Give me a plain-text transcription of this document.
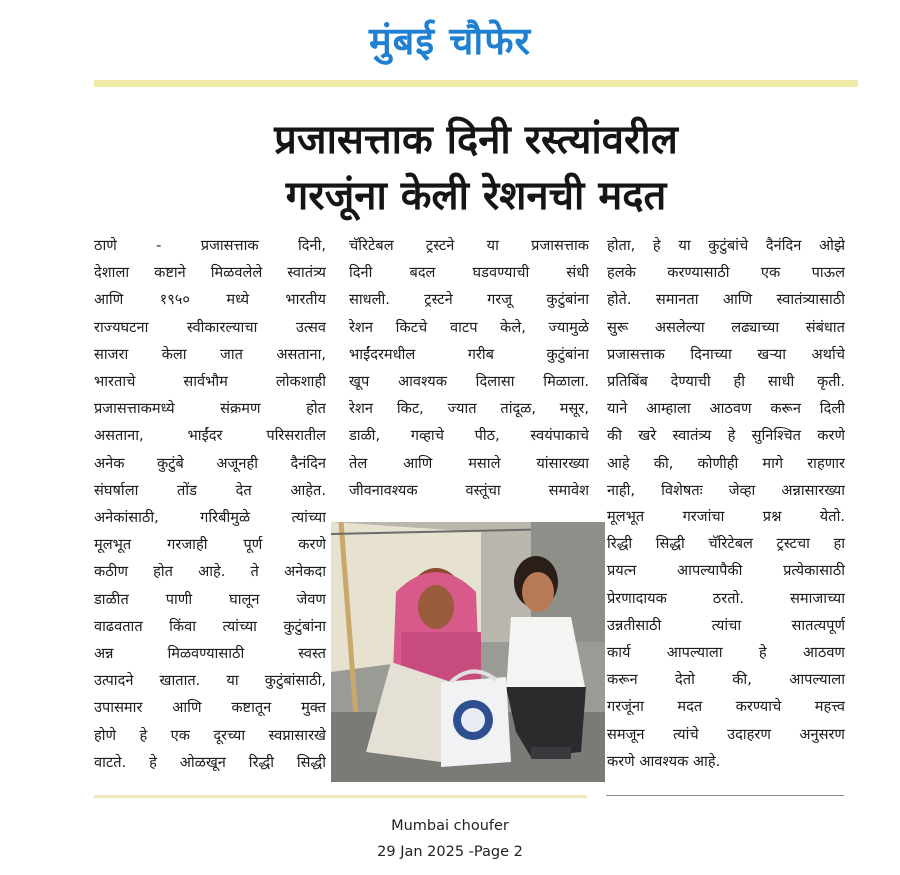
मुंबई चौफेर
प्रजासत्ताक दिनी रस्त्यांवरील
गरजूंना केली रेशनची मदत
ठाणे - प्रजासत्ताक दिनी,
देशाला कष्टाने मिळवलेले स्वातंत्र्य
आणि १९५० मध्ये भारतीय
राज्यघटना स्वीकारल्याचा उत्सव
साजरा केला जात असताना,
भारताचे सार्वभौम लोकशाही
प्रजासत्ताकमध्ये संक्रमण होत
असताना, भाईंदर परिसरातील
अनेक कुटुंबे अजूनही दैनंदिन
संघर्षाला तोंड देत आहेत.
अनेकांसाठी, गरिबीमुळे त्यांच्या
मूलभूत गरजाही पूर्ण करणे
कठीण होत आहे. ते अनेकदा
डाळीत पाणी घालून जेवण
वाढवतात किंवा त्यांच्या कुटुंबांना
अन्न मिळवण्यासाठी स्वस्त
उत्पादने खातात. या कुटुंबांसाठी,
उपासमार आणि कष्टातून मुक्त
होणे हे एक दूरच्या स्वप्नासारखे
वाटते. हे ओळखून रिद्धी सिद्धी
चॅरिटेबल ट्रस्टने या प्रजासत्ताक
दिनी बदल घडवण्याची संधी
साधली. ट्रस्टने गरजू कुटुंबांना
रेशन किटचे वाटप केले, ज्यामुळे
भाईंदरमधील गरीब कुटुंबांना
खूप आवश्यक दिलासा मिळाला.
रेशन किट, ज्यात तांदूळ, मसूर,
डाळी, गव्हाचे पीठ, स्वयंपाकाचे
तेल आणि मसाले यांसारख्या
जीवनावश्यक वस्तूंचा समावेश
होता, हे या कुटुंबांचे दैनंदिन ओझे
हलके करण्यासाठी एक पाऊल
होते. समानता आणि स्वातंत्र्यासाठी
सुरू असलेल्या लढ्याच्या संबंधात
प्रजासत्ताक दिनाच्या खऱ्या अर्थाचे
प्रतिबिंब देण्याची ही साधी कृती.
याने आम्हाला आठवण करून दिली
की खरे स्वातंत्र्य हे सुनिश्चित करणे
आहे की, कोणीही मागे राहणार
नाही, विशेषतः जेव्हा अन्नासारख्या
मूलभूत गरजांचा प्रश्न येतो.
रिद्धी सिद्धी चॅरिटेबल ट्रस्टचा हा
प्रयत्न आपल्यापैकी प्रत्येकासाठी
प्रेरणादायक ठरतो. समाजाच्या
उन्नतीसाठी त्यांचा सातत्यपूर्ण
कार्य आपल्याला हे आठवण
करून देतो की, आपल्याला
गरजूंना मदत करण्याचे महत्त्व
समजून त्यांचे उदाहरण अनुसरण
करणे आवश्यक आहे.
Mumbai choufer
29 Jan 2025 -Page 2
